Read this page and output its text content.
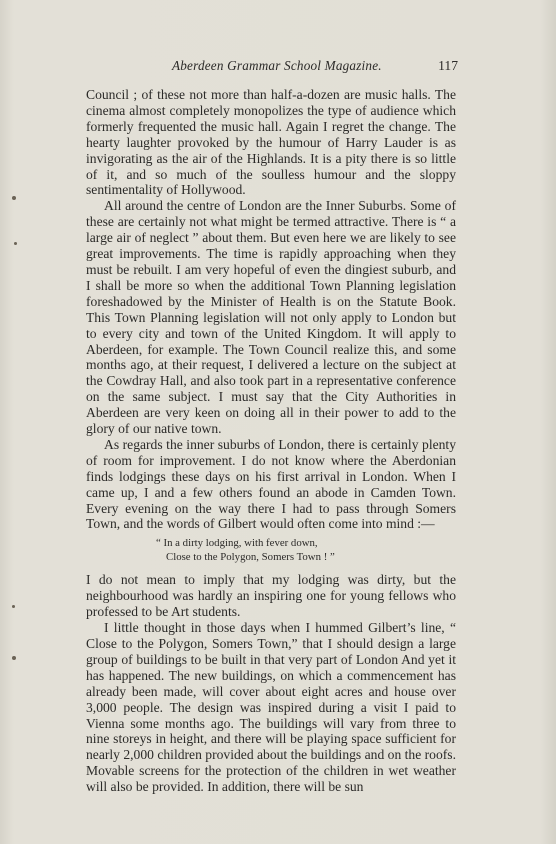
Aberdeen Grammar School Magazine.	117

Council ; of these not more than half-a-dozen are music halls. The cinema almost completely monopolizes the type of audience which formerly frequented the music hall. Again I regret the change. The hearty laughter provoked by the humour of Harry Lauder is as invigorating as the air of the Highlands. It is a pity there is so little of it, and so much of the soulless humour and the sloppy sentimentality of Hollywood.

All around the centre of London are the Inner Suburbs. Some of these are certainly not what might be termed attractive. There is “ a large air of neglect ” about them. But even here we are likely to see great improvements. The time is rapidly approaching when they must be rebuilt. I am very hopeful of even the dingiest suburb, and I shall be more so when the additional Town Planning legislation foreshadowed by the Minister of Health is on the Statute Book. This Town Planning legislation will not only apply to London but to every city and town of the United Kingdom. It will apply to Aberdeen, for example. The Town Council realize this, and some months ago, at their request, I delivered a lecture on the subject at the Cowdray Hall, and also took part in a representative conference on the same subject. I must say that the City Authorities in Aberdeen are very keen on doing all in their power to add to the glory of our native town.

As regards the inner suburbs of London, there is certainly plenty of room for improvement. I do not know where the Aberdonian finds lodgings these days on his first arrival in London. When I came up, I and a few others found an abode in Camden Town. Every evening on the way there I had to pass through Somers Town, and the words of Gilbert would often come into mind :—

“ In a dirty lodging, with fever down,
Close to the Polygon, Somers Town ! ”

I do not mean to imply that my lodging was dirty, but the neighbourhood was hardly an inspiring one for young fellows who professed to be Art students.

I little thought in those days when I hummed Gilbert’s line, “ Close to the Polygon, Somers Town,” that I should design a large group of buildings to be built in that very part of London And yet it has happened. The new buildings, on which a commencement has already been made, will cover about eight acres and house over 3,000 people. The design was inspired during a visit I paid to Vienna some months ago. The buildings will vary from three to nine storeys in height, and there will be playing space sufficient for nearly 2,000 children provided about the buildings and on the roofs. Movable screens for the protection of the children in wet weather will also be provided. In addition, there will be sun
